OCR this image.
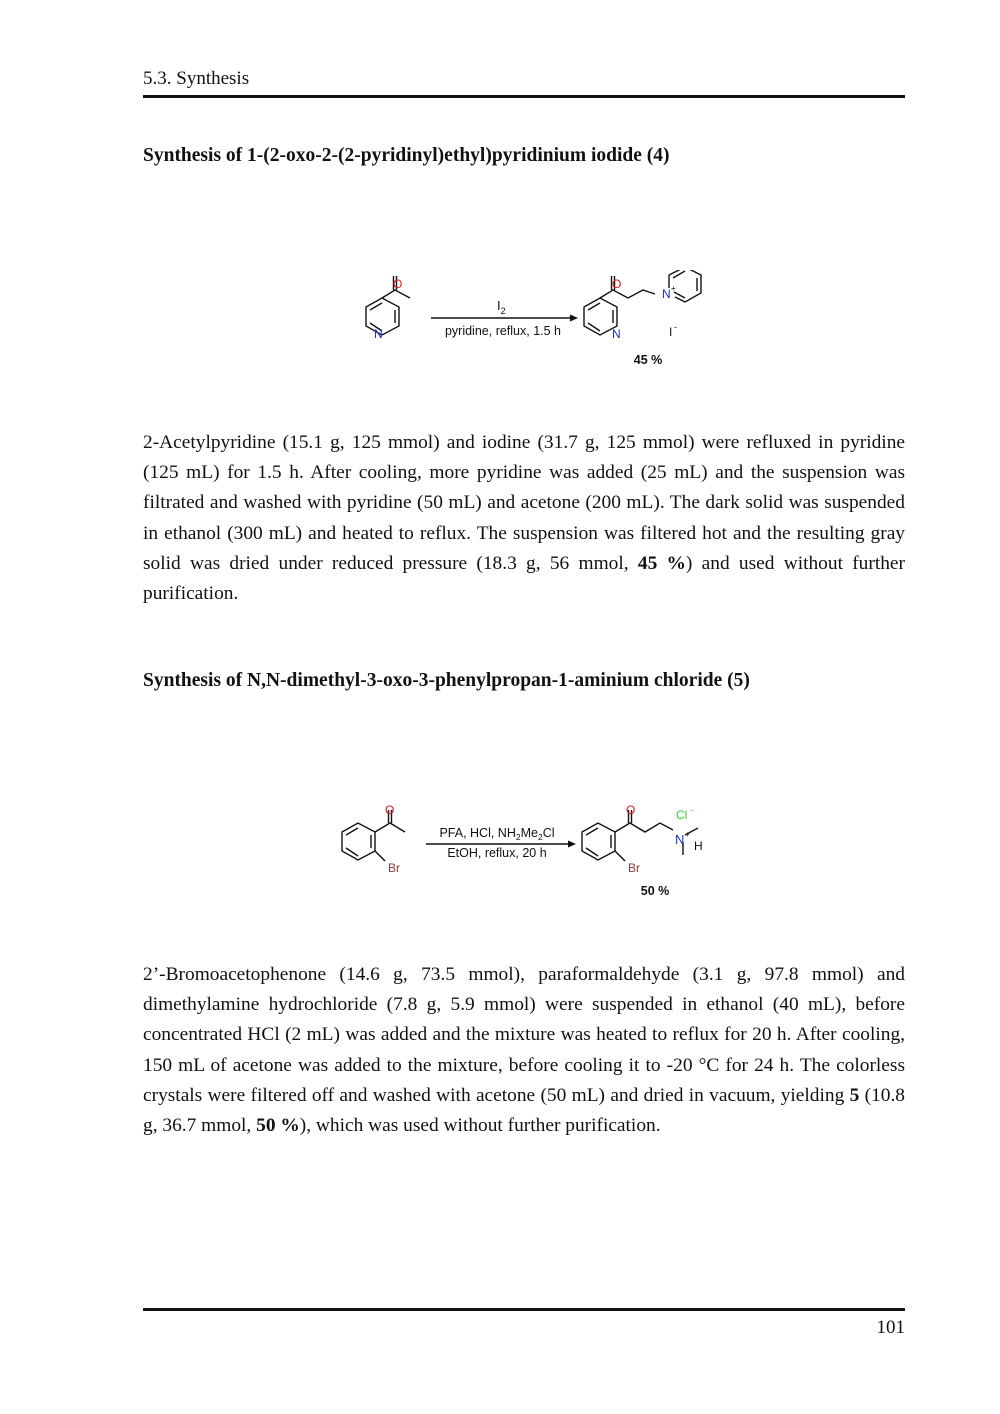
5.3. Synthesis
Synthesis of 1-(2-oxo-2-(2-pyridinyl)ethyl)pyridinium iodide (4)
O
N
O
N
N +
I -
$I_2$
pyridine, reflux, 1.5 h
45 %
2-Acetylpyridine (15.1 g, 125 mmol) and iodine (31.7 g, 125 mmol) were refluxed in pyridine (125 mL) for 1.5 h. After cooling, more pyridine was added (25 mL) and the suspension was filtrated and washed with pyridine (50 mL) and acetone (200 mL). The dark solid was suspended in ethanol (300 mL) and heated to reflux. The suspension was filtered hot and the resulting gray solid was dried under reduced pressure (18.3 g, 56 mmol, 45 %) and used without further purification.
Synthesis of N,N-dimethyl-3-oxo-3-phenylpropan-1-aminium chloride (5)
O
Br
O
Br
N +
H
Cl -
PFA, HCl, $NH_2Me_2Cl$
EtOH, reflux, 20 h
50 %
2’-Bromoacetophenone (14.6 g, 73.5 mmol), paraformaldehyde (3.1 g, 97.8 mmol) and dimethylamine hydrochloride (7.8 g, 5.9 mmol) were suspended in ethanol (40 mL), before concentrated HCl (2 mL) was added and the mixture was heated to reflux for 20 h. After cooling, 150 mL of acetone was added to the mixture, before cooling it to -20 °C for 24 h. The colorless crystals were filtered off and washed with acetone (50 mL) and dried in vacuum, yielding 5 (10.8 g, 36.7 mmol, 50 %), which was used without further purification.
101
